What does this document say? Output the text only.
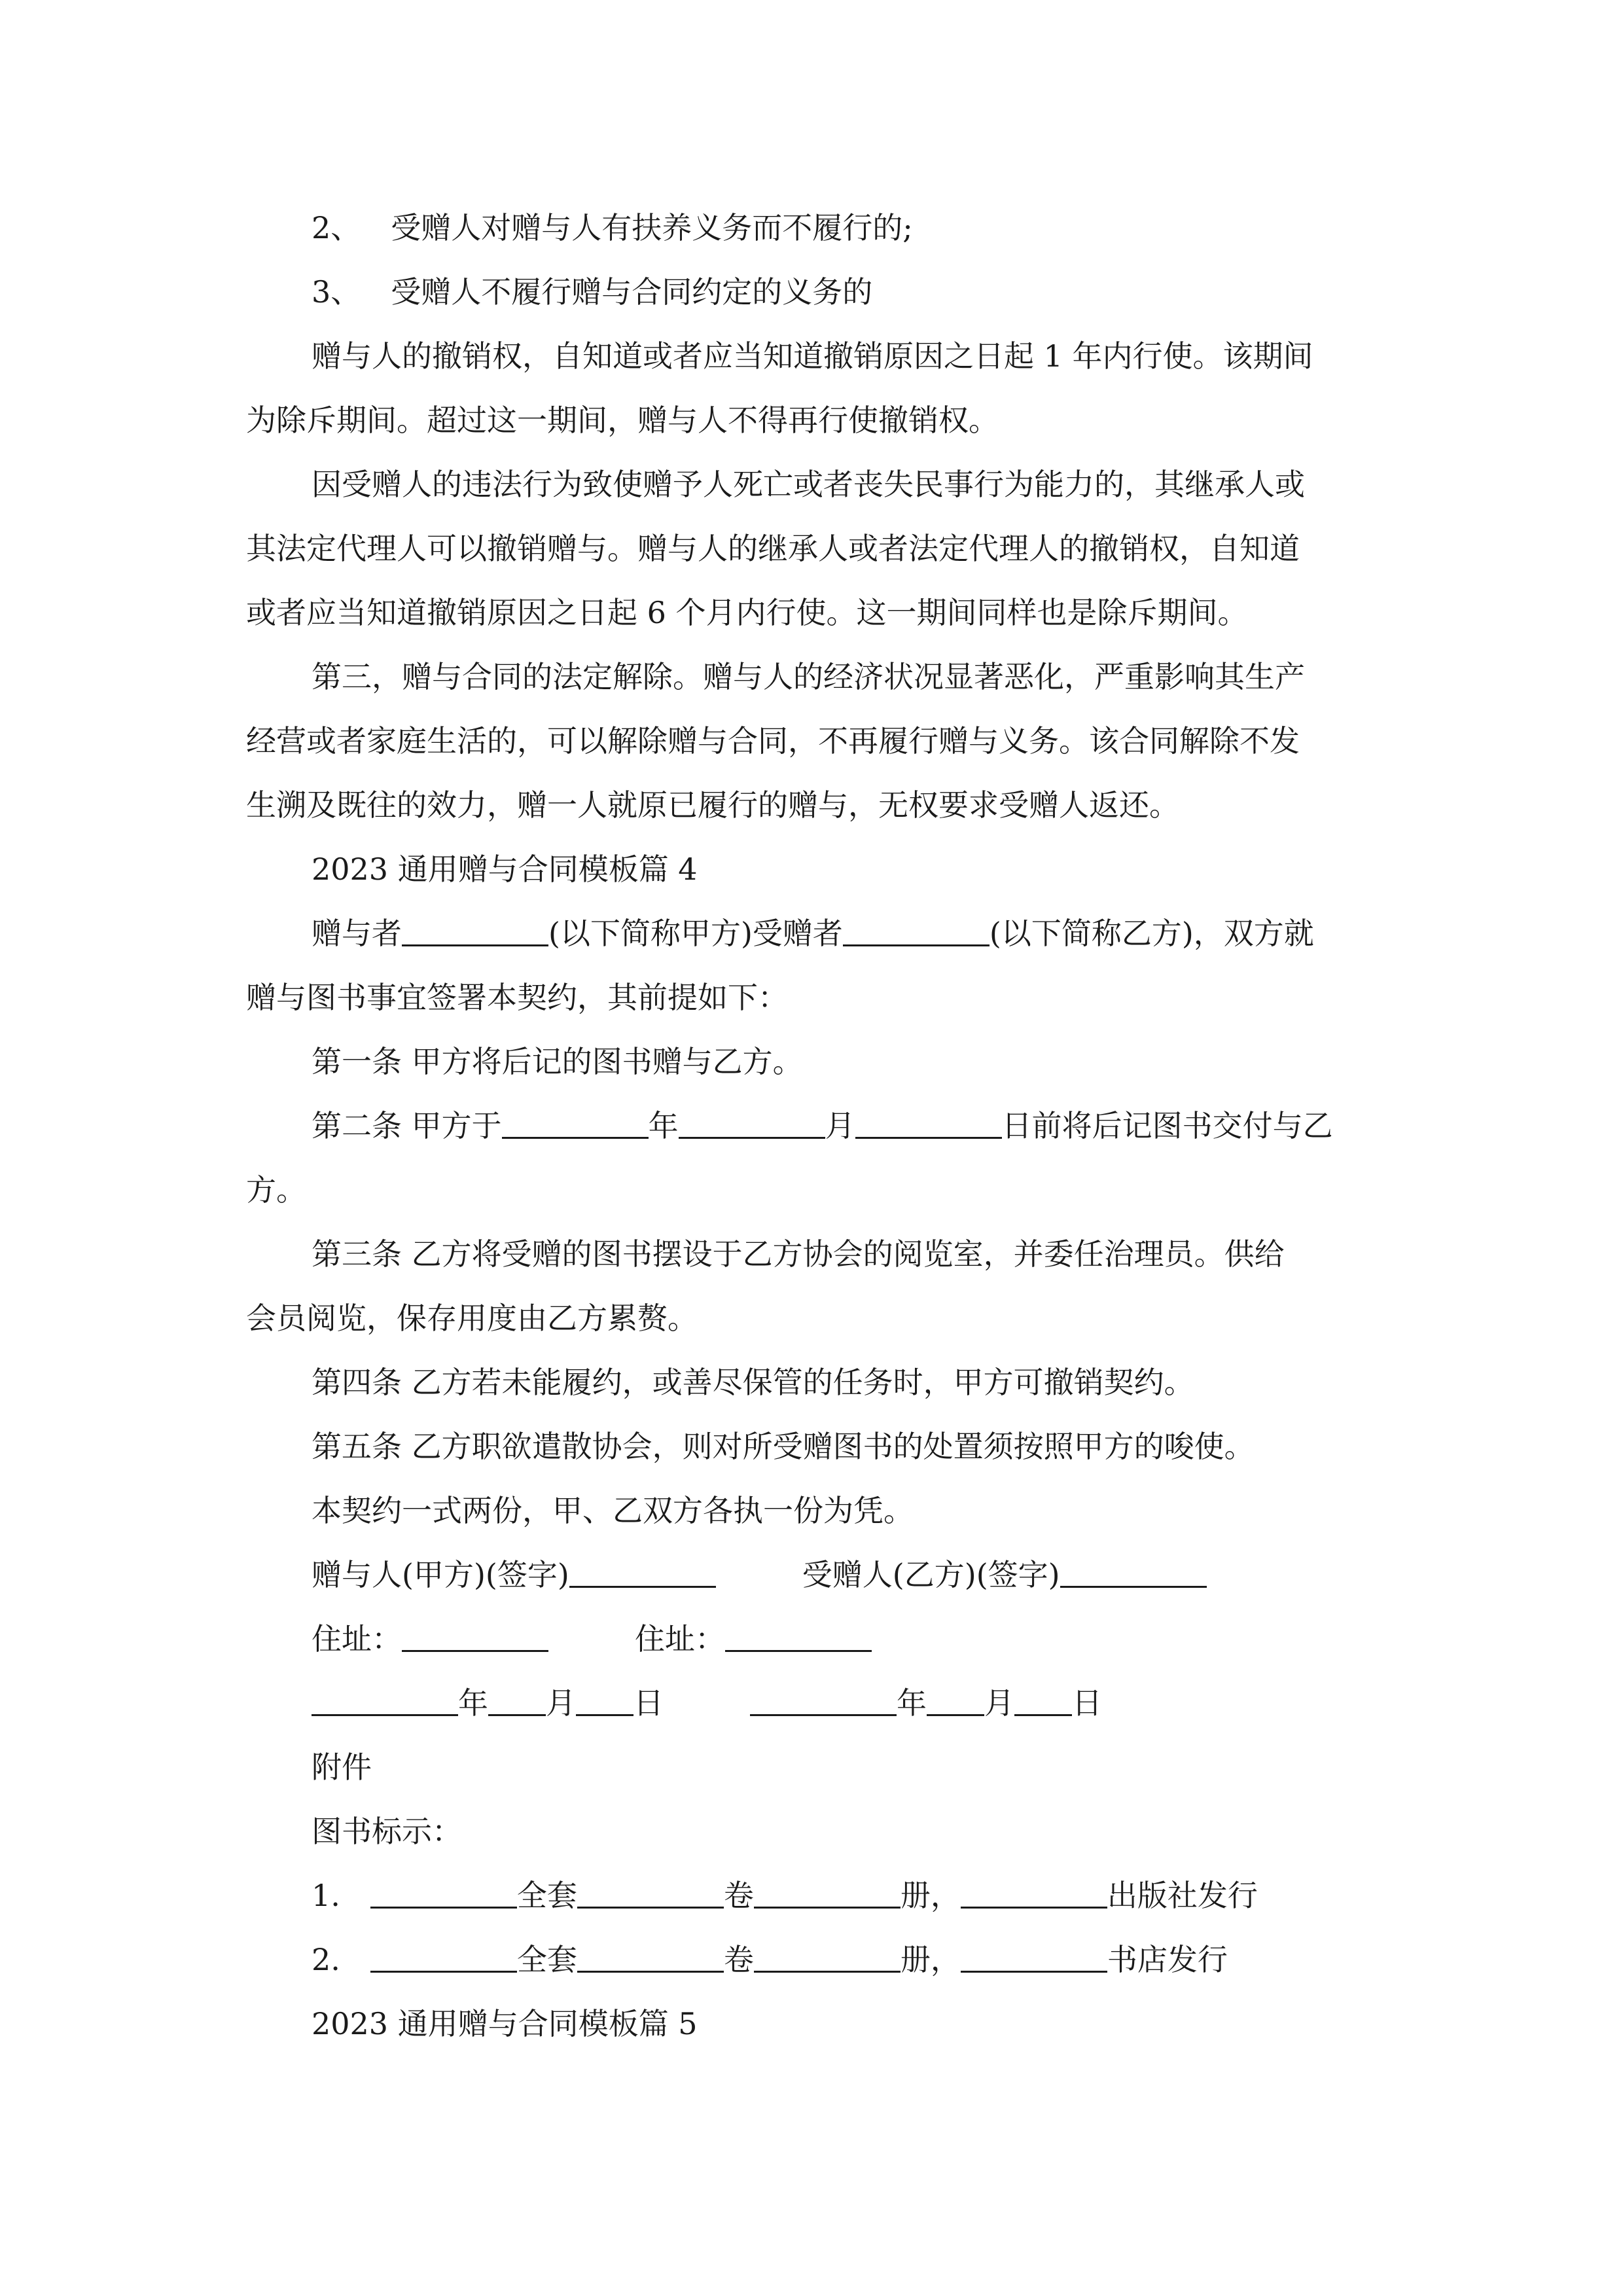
2、 受赠人对赠与人有扶养义务而不履行的;
3、 受赠人不履行赠与合同约定的义务的
赠与人的撤销权，自知道或者应当知道撤销原因之日起 1 年内行使。该期间
为除斥期间。超过这一期间，赠与人不得再行使撤销权。
因受赠人的违法行为致使赠予人死亡或者丧失民事行为能力的，其继承人或
其法定代理人可以撤销赠与。赠与人的继承人或者法定代理人的撤销权，自知道
或者应当知道撤销原因之日起 6 个月内行使。这一期间同样也是除斥期间。
第三，赠与合同的法定解除。赠与人的经济状况显著恶化，严重影响其生产
经营或者家庭生活的，可以解除赠与合同，不再履行赠与义务。该合同解除不发
生溯及既往的效力，赠一人就原已履行的赠与，无权要求受赠人返还。
2023 通用赠与合同模板篇 4
赠与者	(以下简称甲方)受赠者	(以下简称乙方)，双方就
赠与图书事宜签署本契约，其前提如下：
第一条 甲方将后记的图书赠与乙方。
第二条 甲方于	年	月	日前将后记图书交付与乙
方。
第三条 乙方将受赠的图书摆设于乙方协会的阅览室，并委任治理员。供给
会员阅览，保存用度由乙方累赘。
第四条 乙方若未能履约，或善尽保管的任务时，甲方可撤销契约。
第五条 乙方职欲遣散协会，则对所受赠图书的处置须按照甲方的唆使。
本契约一式两份，甲、乙双方各执一份为凭。
赠与人(甲方)(签字)	受赠人(乙方)(签字)
住址：	住址：
年 月 日	年 月 日
附件
图书标示：
1.	全套	卷	册，	出版社发行
2.	全套	卷	册，	书店发行
2023 通用赠与合同模板篇 5
